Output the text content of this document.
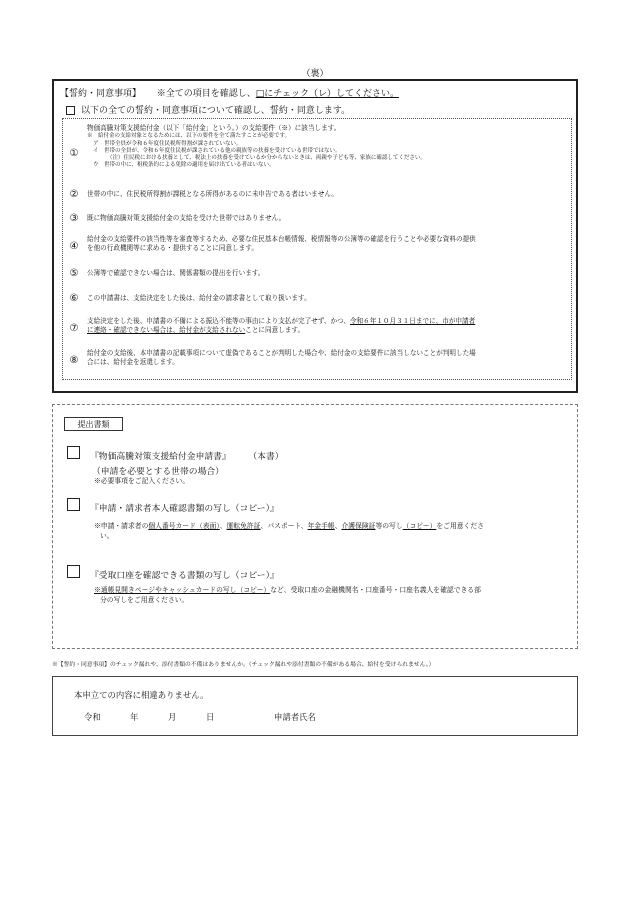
（裏）
【誓約・同意事項】 ※全ての項目を確認し、□にチェック（レ）してください。
以下の全ての誓約・同意事項について確認し、誓約・同意します。
①
物価高騰対策支援給付金（以下「給付金」という。）の支給要件（※）に該当します。
※　給付金の支給対象となるためには、以下の要件を全て満たすことが必要です。
ア　世帯全員が令和６年度住民税所得割が課されていない。
イ　世帯の全員が、令和６年度住民税が課されている他の親族等の扶養を受けている世帯ではない。
（注）住民税における扶養として、税法上の扶養を受けているか分からないときは、両親や子ども等、家族に確認してください。
ウ　世帯の中に、租税条約による免除の適用を届け出ている者はいない。
②	世帯の中に、住民税所得割が課税となる所得があるのに未申告である者はいません。
③	既に物価高騰対策支援給付金の支給を受けた世帯ではありません。
④
給付金の支給要件の該当性等を審査等するため、必要な住民基本台帳情報、税情報等の公簿等の確認を行うことや必要な資料の提供
を他の行政機関等に求める・提供することに同意します。
⑤	公簿等で確認できない場合は、関係書類の提出を行います。
⑥	この申請書は、支給決定をした後は、給付金の請求書として取り扱います。
⑦
支給決定をした後、申請書の不備による振込不能等の事由により支払が完了せず、かつ、令和６年１０月３１日までに、市が申請者
に連絡・確認できない場合は、給付金が支給されないことに同意します。
⑧
給付金の支給後、本申請書の記載事項について虚偽であることが判明した場合や、給付金の支給要件に該当しないことが判明した場
合には、給付金を返還します。
提出書類
『物価高騰対策支援給付金申請書』 （本書）
（申請を必要とする世帯の場合）
※必要事項をご記入ください。
『申請・請求者本人確認書類の写し（コピー）』
※申請・請求者の個人番号カード（表面）、運転免許証、パスポート、年金手帳、介護保険証等の写し（コピー）をご用意くださ
い。
『受取口座を確認できる書類の写し（コピー）』
※通帳見開きページやキャッシュカードの写し（コピー）など、受取口座の金融機関名・口座番号・口座名義人を確認できる部
分の写しをご用意ください。
※【誓約・同意事項】のチェック漏れや、添付書類の不備はありませんか。（チェック漏れや添付書類の不備がある場合、給付を受けられません。）
本申立ての内容に相違ありません。
令和	年	月	日	申請者氏名
